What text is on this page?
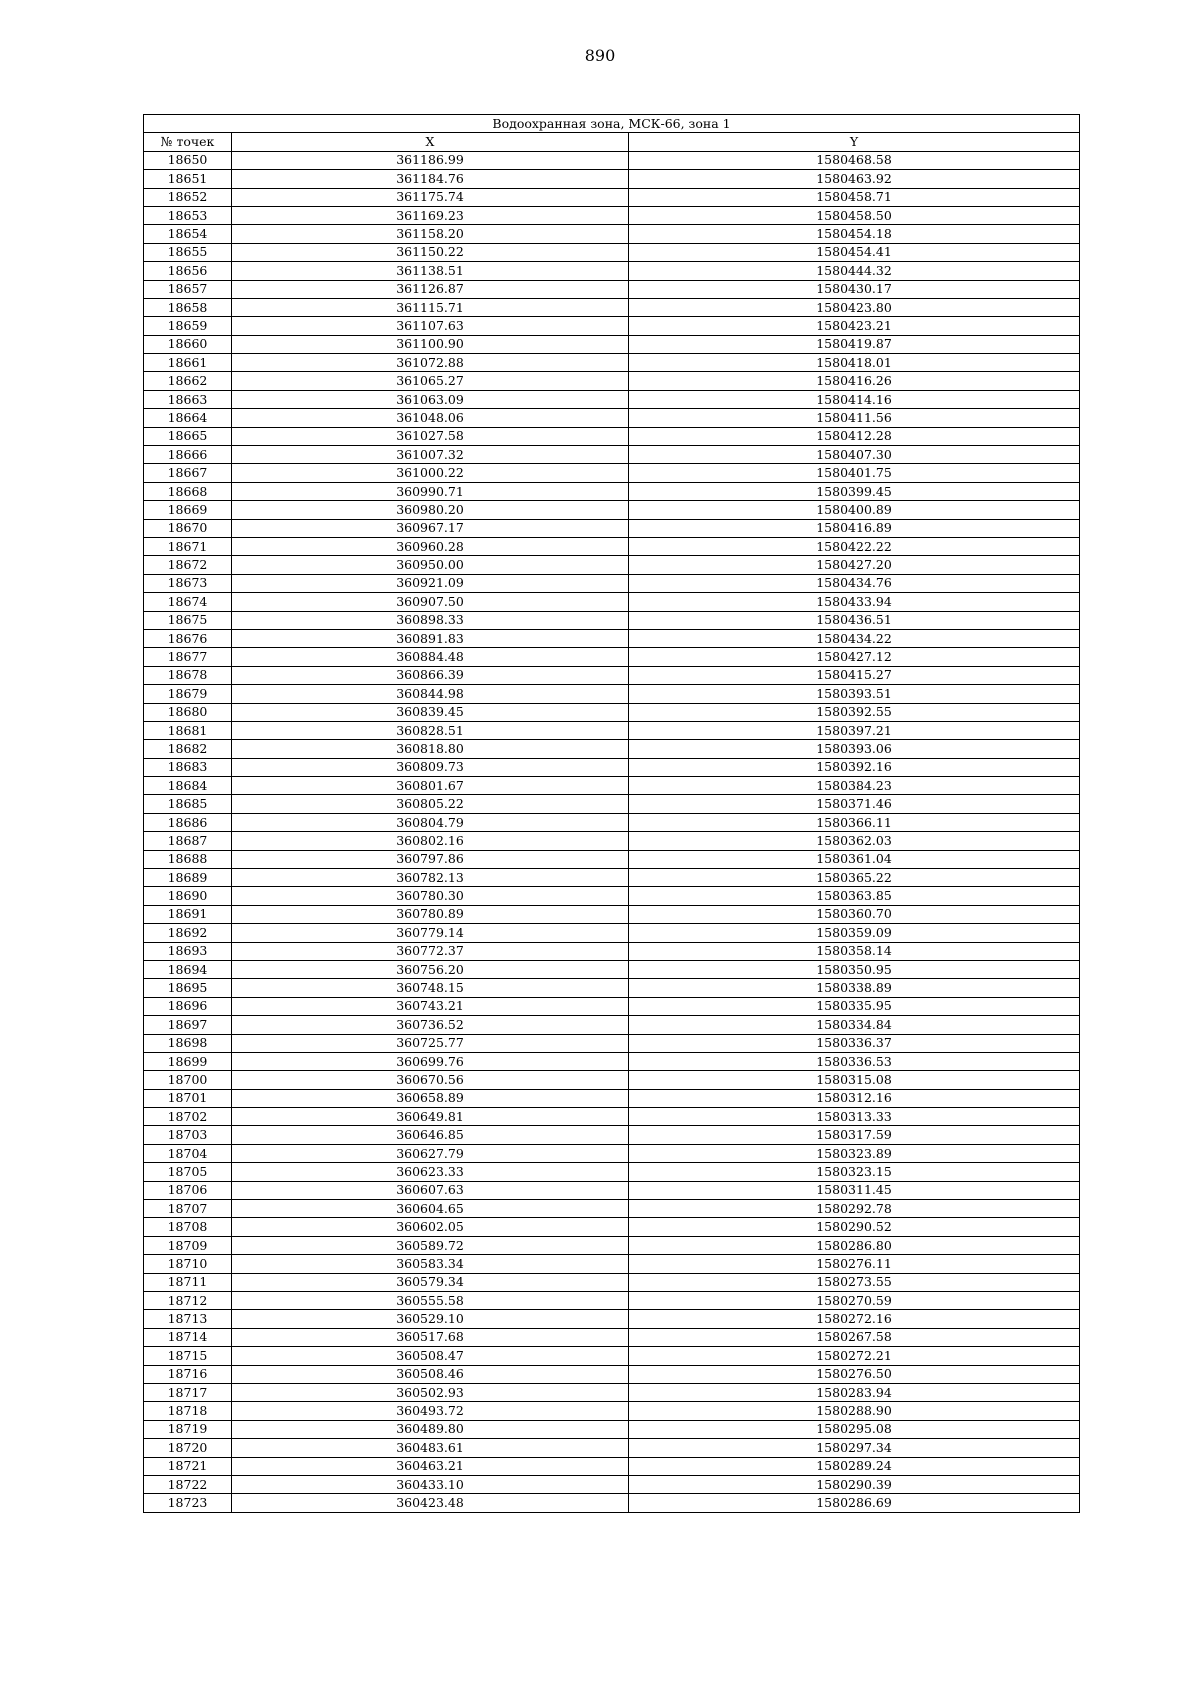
890
Водоохранная зона, МСК-66, зона 1		
№ точек	X	Y
18650	361186.99	1580468.58
18651	361184.76	1580463.92
18652	361175.74	1580458.71
18653	361169.23	1580458.50
18654	361158.20	1580454.18
18655	361150.22	1580454.41
18656	361138.51	1580444.32
18657	361126.87	1580430.17
18658	361115.71	1580423.80
18659	361107.63	1580423.21
18660	361100.90	1580419.87
18661	361072.88	1580418.01
18662	361065.27	1580416.26
18663	361063.09	1580414.16
18664	361048.06	1580411.56
18665	361027.58	1580412.28
18666	361007.32	1580407.30
18667	361000.22	1580401.75
18668	360990.71	1580399.45
18669	360980.20	1580400.89
18670	360967.17	1580416.89
18671	360960.28	1580422.22
18672	360950.00	1580427.20
18673	360921.09	1580434.76
18674	360907.50	1580433.94
18675	360898.33	1580436.51
18676	360891.83	1580434.22
18677	360884.48	1580427.12
18678	360866.39	1580415.27
18679	360844.98	1580393.51
18680	360839.45	1580392.55
18681	360828.51	1580397.21
18682	360818.80	1580393.06
18683	360809.73	1580392.16
18684	360801.67	1580384.23
18685	360805.22	1580371.46
18686	360804.79	1580366.11
18687	360802.16	1580362.03
18688	360797.86	1580361.04
18689	360782.13	1580365.22
18690	360780.30	1580363.85
18691	360780.89	1580360.70
18692	360779.14	1580359.09
18693	360772.37	1580358.14
18694	360756.20	1580350.95
18695	360748.15	1580338.89
18696	360743.21	1580335.95
18697	360736.52	1580334.84
18698	360725.77	1580336.37
18699	360699.76	1580336.53
18700	360670.56	1580315.08
18701	360658.89	1580312.16
18702	360649.81	1580313.33
18703	360646.85	1580317.59
18704	360627.79	1580323.89
18705	360623.33	1580323.15
18706	360607.63	1580311.45
18707	360604.65	1580292.78
18708	360602.05	1580290.52
18709	360589.72	1580286.80
18710	360583.34	1580276.11
18711	360579.34	1580273.55
18712	360555.58	1580270.59
18713	360529.10	1580272.16
18714	360517.68	1580267.58
18715	360508.47	1580272.21
18716	360508.46	1580276.50
18717	360502.93	1580283.94
18718	360493.72	1580288.90
18719	360489.80	1580295.08
18720	360483.61	1580297.34
18721	360463.21	1580289.24
18722	360433.10	1580290.39
18723	360423.48	1580286.69
